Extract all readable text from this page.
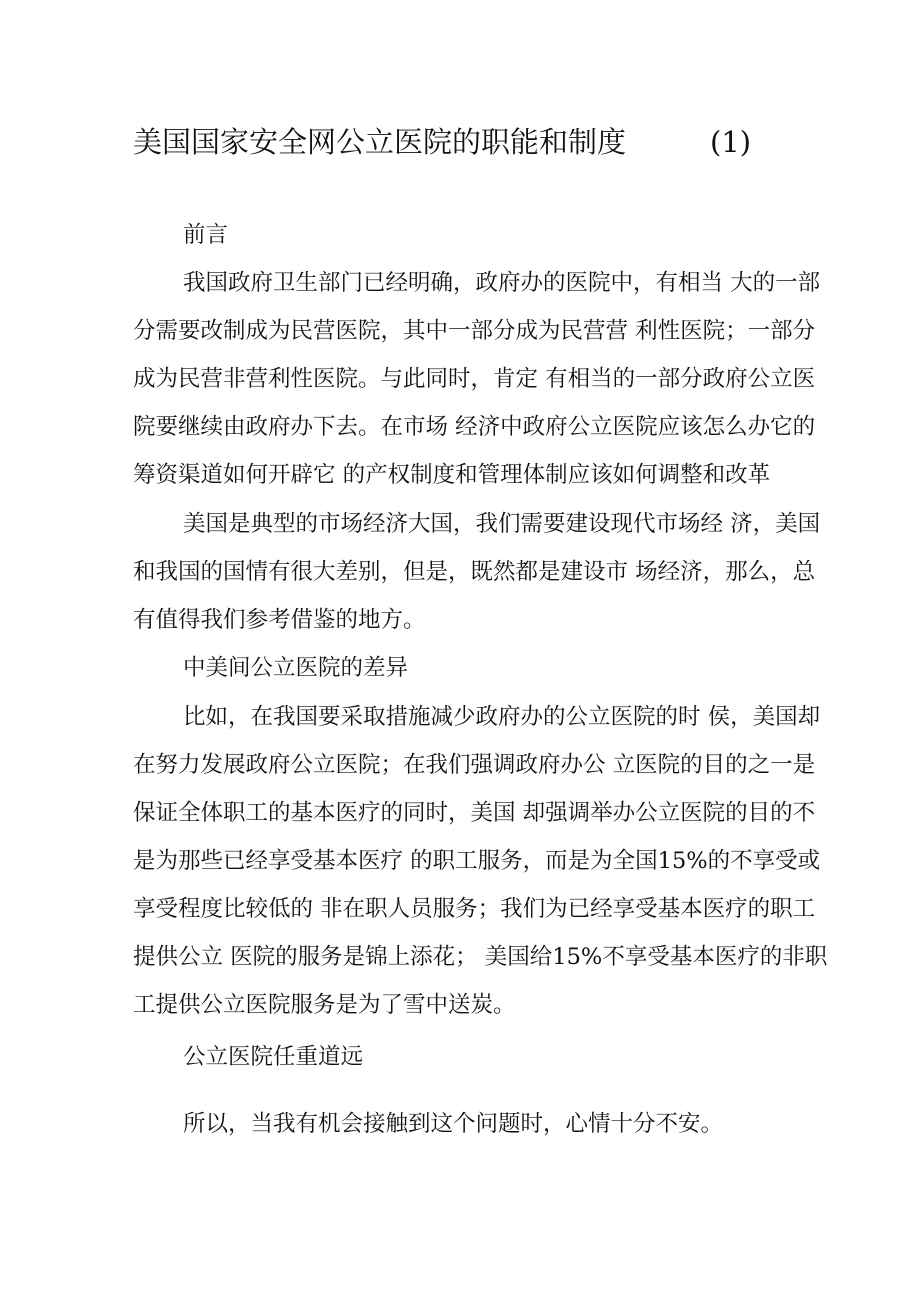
美国国家安全网公立医院的职能和制度	(1)
前言
我国政府卫生部门已经明确，政府办的医院中，有相当 大的一部
分需要改制成为民营医院，其中一部分成为民营营 利性医院；一部分
成为民营非营利性医院。与此同时，肯定 有相当的一部分政府公立医
院要继续由政府办下去。在市场 经济中政府公立医院应该怎么办它的
筹资渠道如何开辟它 的产权制度和管理体制应该如何调整和改革
美国是典型的市场经济大国，我们需要建设现代市场经 济，美国
和我国的国情有很大差别，但是，既然都是建设市 场经济，那么，总
有值得我们参考借鉴的地方。
中美间公立医院的差异
比如，在我国要采取措施减少政府办的公立医院的时 侯，美国却
在努力发展政府公立医院；在我们强调政府办公 立医院的目的之一是
保证全体职工的基本医疗的同时，美国 却强调举办公立医院的目的不
是为那些已经享受基本医疗 的职工服务，而是为全国15%的不享受或
享受程度比较低的 非在职人员服务；我们为已经享受基本医疗的职工
提供公立 医院的服务是锦上添花； 美国给15%不享受基本医疗的非职
工提供公立医院服务是为了雪中送炭。
公立医院任重道远
所以，当我有机会接触到这个问题时，心情十分不安。
